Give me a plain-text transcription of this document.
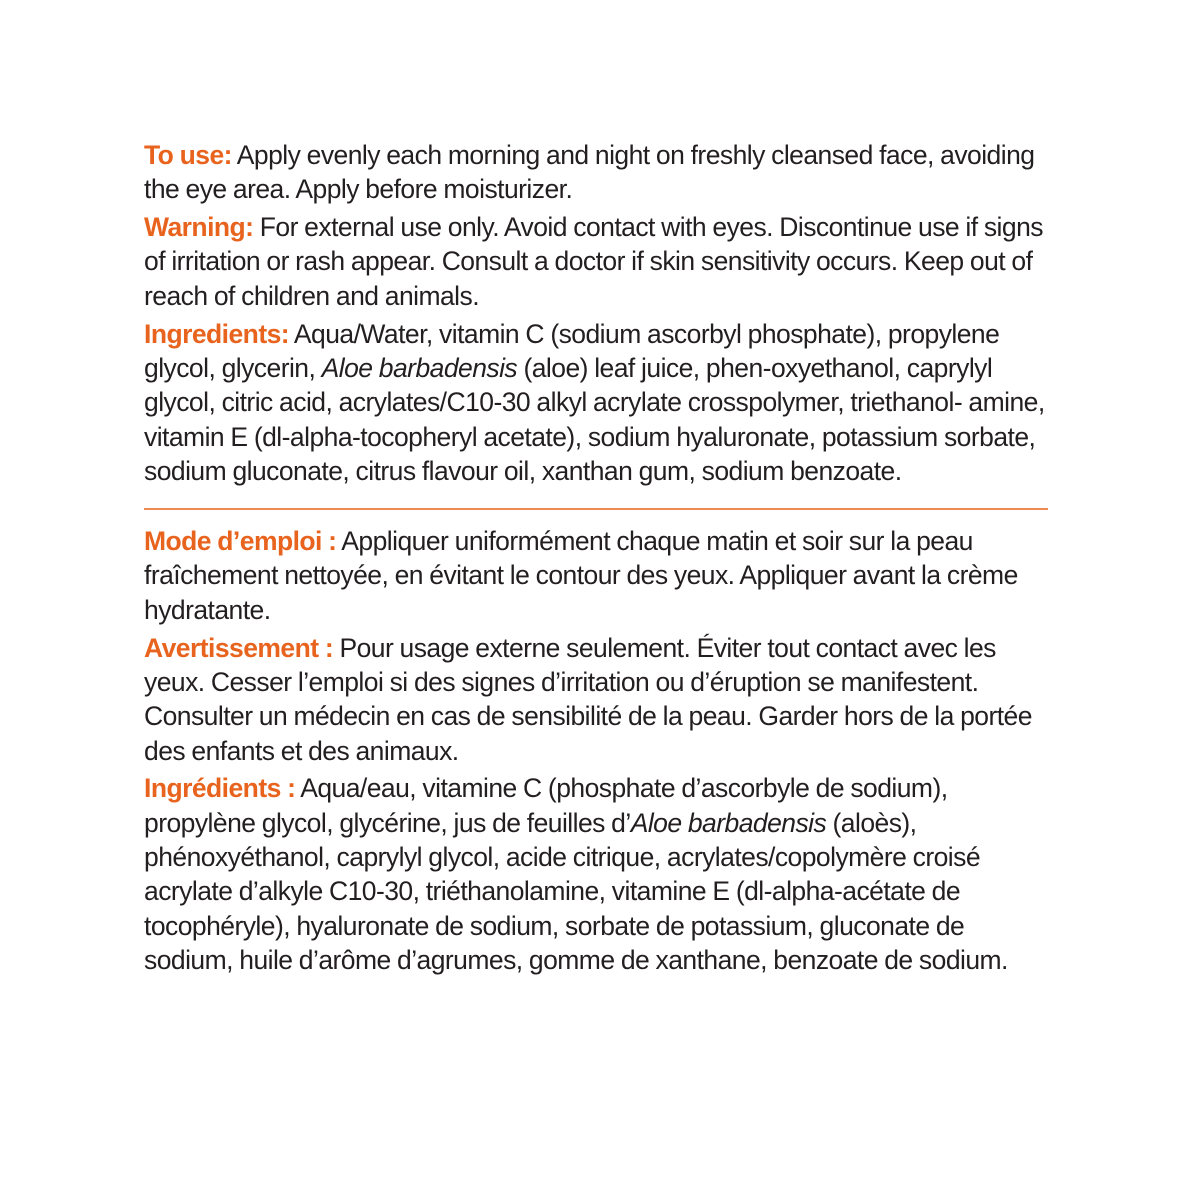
To use: Apply evenly each morning and night on freshly cleansed face, avoiding the eye area. Apply before moisturizer.

Warning: For external use only. Avoid contact with eyes. Discontinue use if signs of irritation or rash appear. Consult a doctor if skin sensitivity occurs. Keep out of reach of children and animals.

Ingredients: Aqua/Water, vitamin C (sodium ascorbyl phosphate), propylene glycol, glycerin, Aloe barbadensis (aloe) leaf juice, phen-oxyethanol, caprylyl glycol, citric acid, acrylates/C10-30 alkyl acrylate crosspolymer, triethanol- amine, vitamin E (dl-alpha-tocopheryl acetate), sodium hyaluronate, potassium sorbate, sodium gluconate, citrus flavour oil, xanthan gum, sodium benzoate.

Mode d’emploi : Appliquer uniformément chaque matin et soir sur la peau fraîchement nettoyée, en évitant le contour des yeux. Appliquer avant la crème hydratante.

Avertissement : Pour usage externe seulement. Éviter tout contact avec les yeux. Cesser l’emploi si des signes d’irritation ou d’éruption se manifestent. Consulter un médecin en cas de sensibilité de la peau. Garder hors de la portée des enfants et des animaux.

Ingrédients : Aqua/eau, vitamine C (phosphate d’ascorbyle de sodium), propylène glycol, glycérine, jus de feuilles d’Aloe barbadensis (aloès), phénoxyéthanol, caprylyl glycol, acide citrique, acrylates/copolymère croisé acrylate d’alkyle C10-30, triéthanolamine, vitamine E (dl-alpha-acétate de tocophéryle), hyaluronate de sodium, sorbate de potassium, gluconate de sodium, huile d’arôme d’agrumes, gomme de xanthane, benzoate de sodium.
